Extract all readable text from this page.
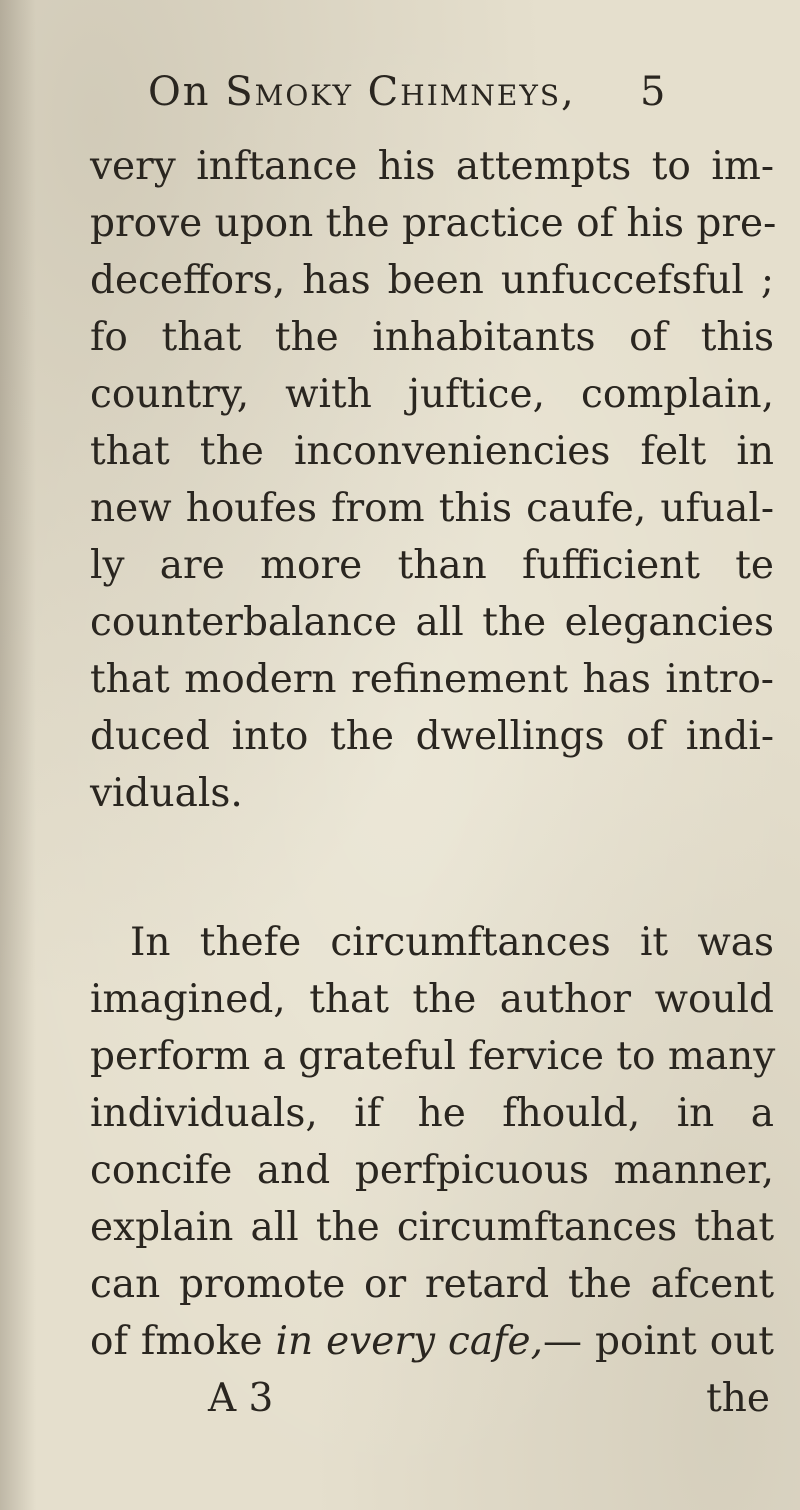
On Smoky Chimneys, 5
very inftance his attempts to im-
prove upon the practice of his pre-
deceffors, has been unfuccefsful ;
fo that the inhabitants of this
country, with juftice, complain,
that the inconveniencies felt in
new houfes from this caufe, ufual-
ly are more than fufficient te
counterbalance all the elegancies
that modern refinement has intro-
duced into the dwellings of indi-
viduals.
In thefe circumftances it was
imagined, that the author would
perform a grateful fervice to many
individuals, if he fhould, in a
concife and perfpicuous manner,
explain all the circumftances that
can promote or retard the afcent
of fmoke in every cafe,— point out
A 3	the
